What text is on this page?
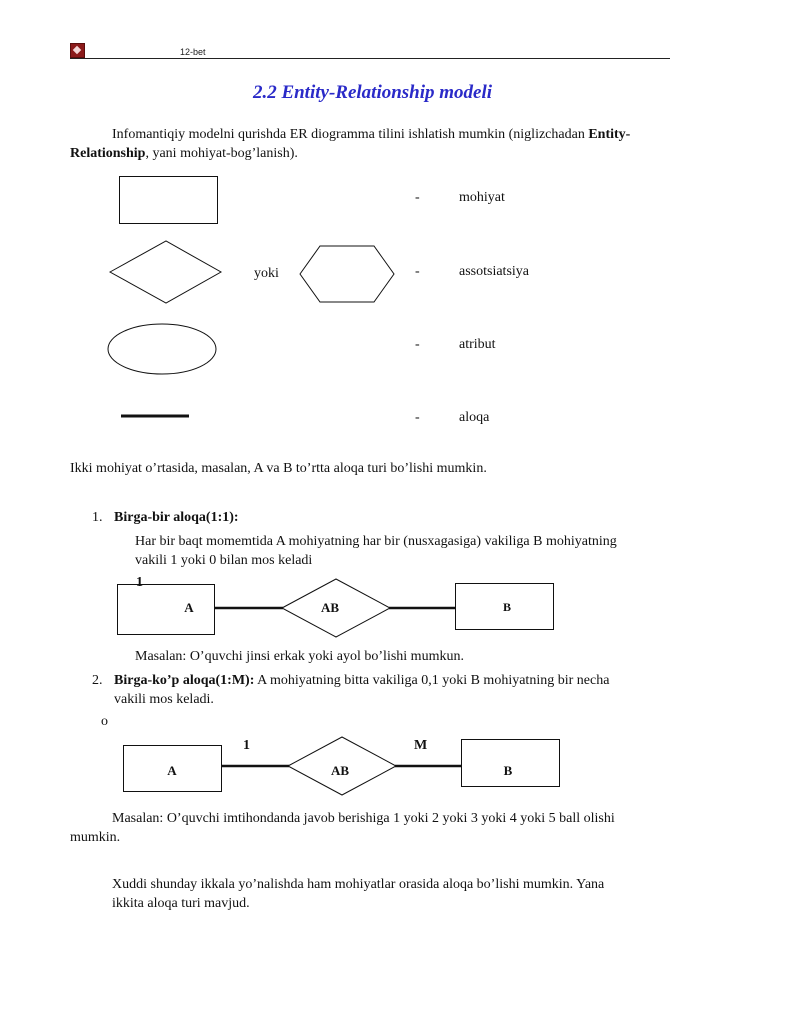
12-bet
2.2 Entity-Relationship modeli
Infomantiqiy modelni qurishda ER diogramma tilini ishlatish mumkin (niglizchadan Entity-Relationship, yani mohiyat-bog’lanish).
yoki
-	mohiyat
-	assotsiatsiya
-	atribut
-	aloqa
Ikki mohiyat o’rtasida, masalan, A va B to’rtta aloqa turi bo’lishi mumkin.
1. Birga-bir aloqa(1:1):
Har bir baqt momemtida A mohiyatning har bir (nusxagasiga) vakiliga B mohiyatning
vakili 1 yoki 0 bilan mos keladi
1
A	AB	B
Masalan: O’quvchi jinsi erkak yoki ayol bo’lishi mumkun.
2. Birga-ko’p aloqa(1:M): A mohiyatning bitta vakiliga 0,1 yoki B mohiyatning bir necha
vakili mos keladi.
o
1	M
A	AB	B
Masalan: O’quvchi imtihondanda javob berishiga 1 yoki 2 yoki 3 yoki 4 yoki 5 ball olishi
mumkin.
Xuddi shunday ikkala yo’nalishda ham mohiyatlar orasida aloqa bo’lishi mumkin. Yana
ikkita aloqa turi mavjud.
